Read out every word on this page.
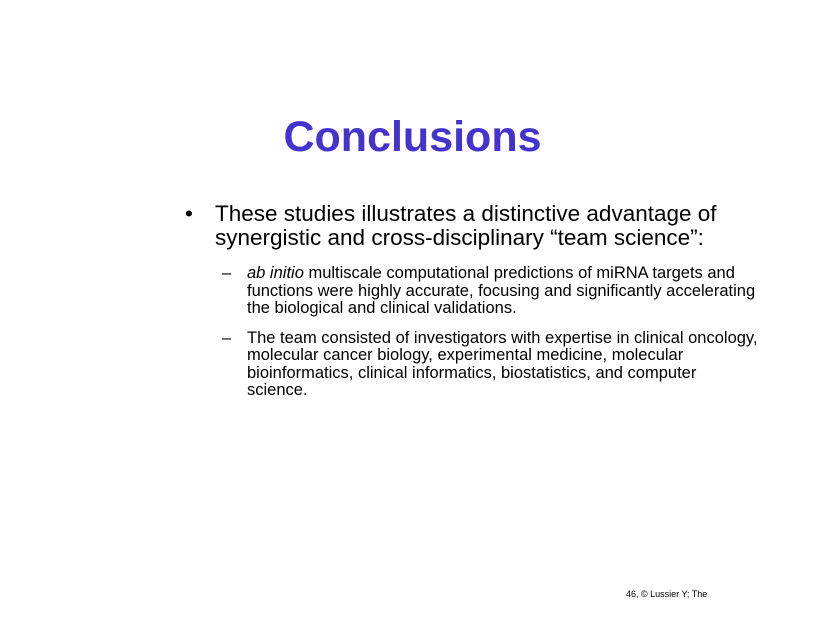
Conclusions
• These studies illustrates a distinctive advantage of synergistic and cross-disciplinary “team science”:
– ab initio multiscale computational predictions of miRNA targets and functions were highly accurate, focusing and significantly accelerating the biological and clinical validations.
– The team consisted of investigators with expertise in clinical oncology, molecular cancer biology, experimental medicine, molecular bioinformatics, clinical informatics, biostatistics, and computer science.
46, © Lussier Y; The
